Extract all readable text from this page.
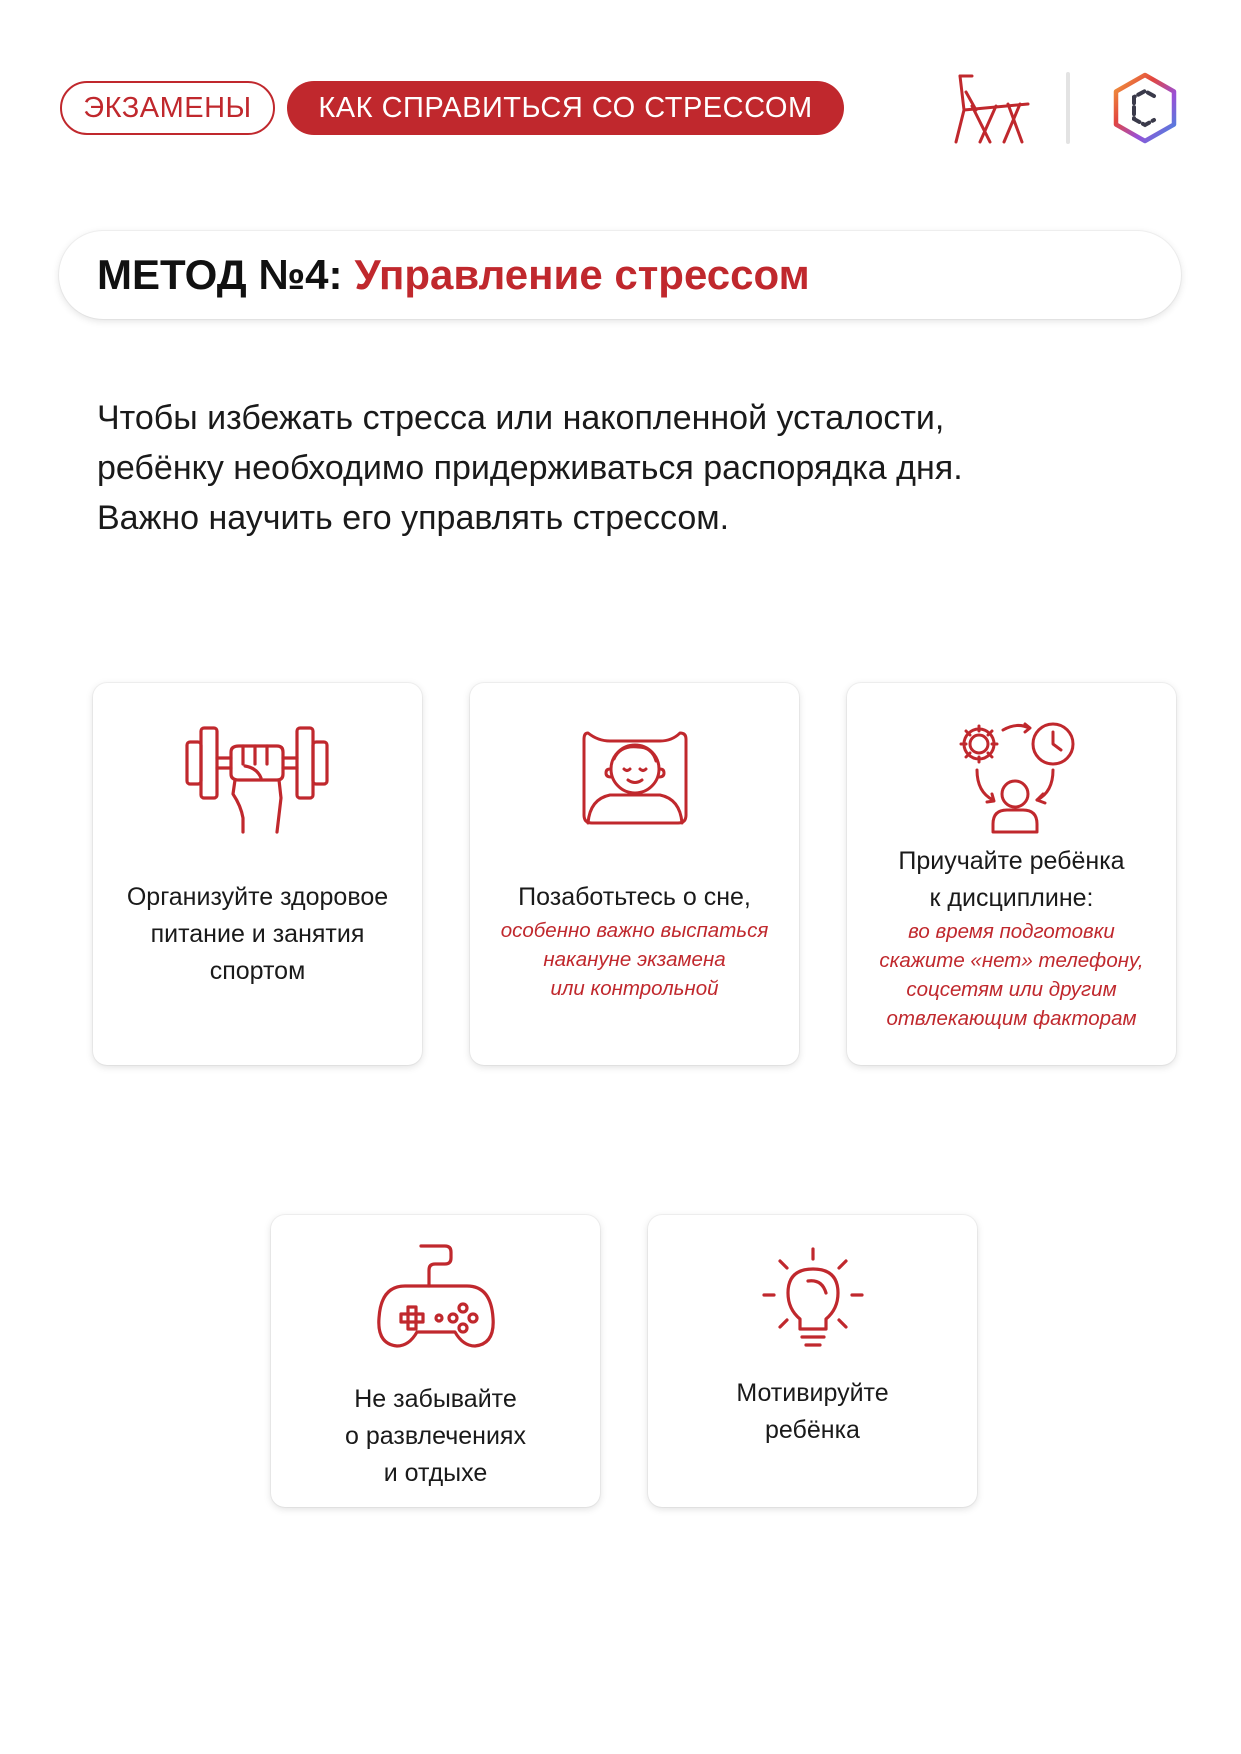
ЭКЗАМЕНЫ	КАК СПРАВИТЬСЯ СО СТРЕССОМ
МЕТОД №4: Управление стрессом

Чтобы избежать стресса или накопленной усталости,

ребёнку необходимо придерживаться распорядка дня.

Важно научить его управлять стрессом.

Организуйте здоровое
питание и занятия
спортом
Позаботьтесь о сне,
особенно важно выспаться
накануне экзамена
или контрольной
Приучайте ребёнка
к дисциплине:
во время подготовки
скажите «нет» телефону,
соцсетям или другим
отвлекающим факторам
Не забывайте
о развлечениях
и отдыхе
Мотивируйте
ребёнка
